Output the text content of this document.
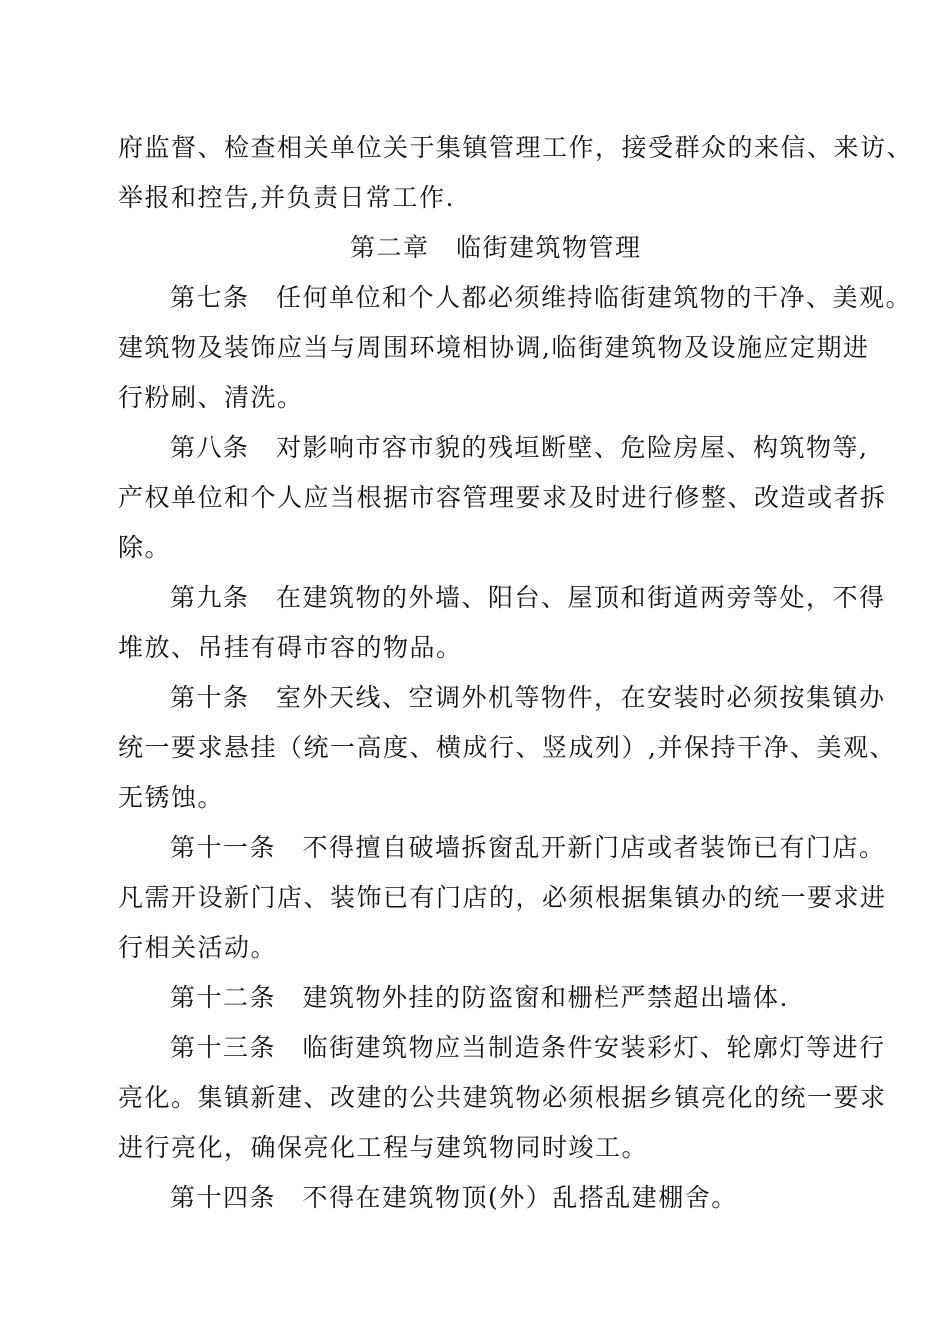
府监督、检查相关单位关于集镇管理工作，接受群众的来信、来访、
举报和控告,并负责日常工作.
第二章　临街建筑物管理
第七条　任何单位和个人都必须维持临街建筑物的干净、美观。
建筑物及装饰应当与周围环境相协调,临街建筑物及设施应定期进
行粉刷、清洗。
第八条　对影响市容市貌的残垣断壁、危险房屋、构筑物等,
产权单位和个人应当根据市容管理要求及时进行修整、改造或者拆
除。
第九条　在建筑物的外墙、阳台、屋顶和街道两旁等处，不得
堆放、吊挂有碍市容的物品。
第十条　室外天线、空调外机等物件，在安装时必须按集镇办
统一要求悬挂（统一高度、横成行、竖成列）,并保持干净、美观、
无锈蚀。
第十一条　不得擅自破墙拆窗乱开新门店或者装饰已有门店。
凡需开设新门店、装饰已有门店的，必须根据集镇办的统一要求进
行相关活动。
第十二条　建筑物外挂的防盗窗和栅栏严禁超出墙体.
第十三条　临街建筑物应当制造条件安装彩灯、轮廓灯等进行
亮化。集镇新建、改建的公共建筑物必须根据乡镇亮化的统一要求
进行亮化，确保亮化工程与建筑物同时竣工。
第十四条　不得在建筑物顶(外）乱搭乱建棚舍。
